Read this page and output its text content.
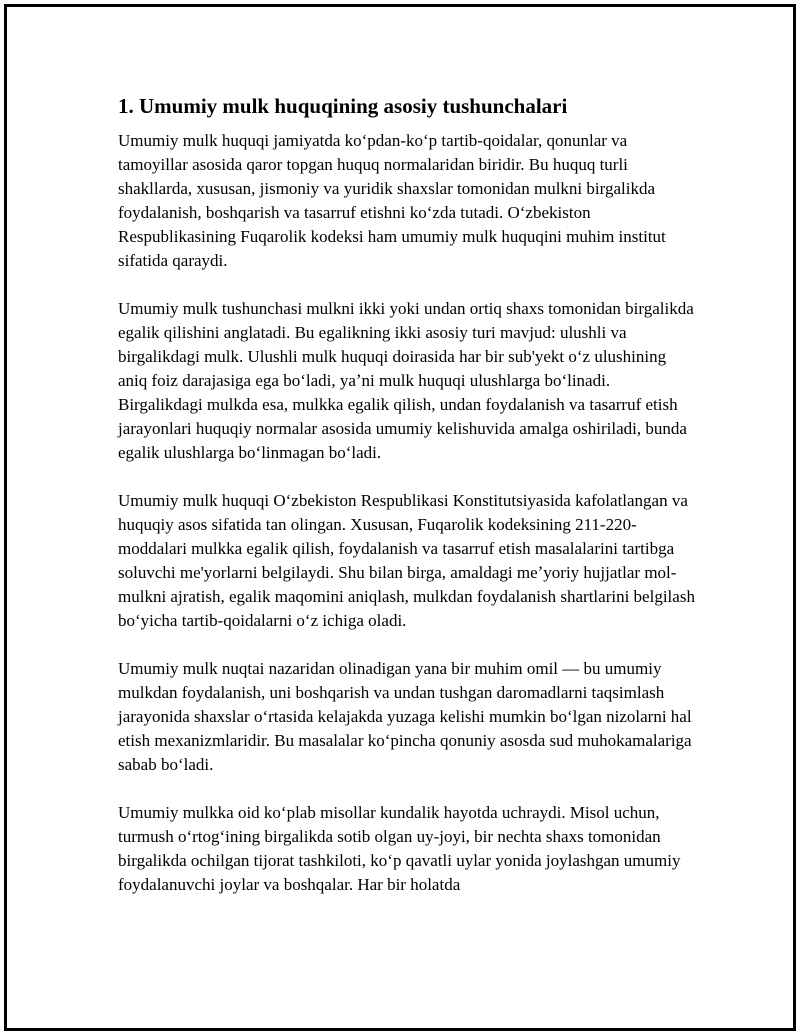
1. Umumiy mulk huquqining asosiy tushunchalari

Umumiy mulk huquqi jamiyatda koʻpdan-koʻp tartib-qoidalar, qonunlar va tamoyillar asosida qaror topgan huquq normalaridan biridir. Bu huquq turli shakllarda, xususan, jismoniy va yuridik shaxslar tomonidan mulkni birgalikda foydalanish, boshqarish va tasarruf etishni koʻzda tutadi. Oʻzbekiston Respublikasining Fuqarolik kodeksi ham umumiy mulk huquqini muhim institut sifatida qaraydi.

Umumiy mulk tushunchasi mulkni ikki yoki undan ortiq shaxs tomonidan birgalikda egalik qilishini anglatadi. Bu egalikning ikki asosiy turi mavjud: ulushli va birgalikdagi mulk. Ulushli mulk huquqi doirasida har bir sub'yekt oʻz ulushining aniq foiz darajasiga ega boʻladi, yaʼni mulk huquqi ulushlarga boʻlinadi. Birgalikdagi mulkda esa, mulkka egalik qilish, undan foydalanish va tasarruf etish jarayonlari huquqiy normalar asosida umumiy kelishuvida amalga oshiriladi, bunda egalik ulushlarga boʻlinmagan boʻladi.

Umumiy mulk huquqi Oʻzbekiston Respublikasi Konstitutsiyasida kafolatlangan va huquqiy asos sifatida tan olingan. Xususan, Fuqarolik kodeksining 211-220-moddalari mulkka egalik qilish, foydalanish va tasarruf etish masalalarini tartibga soluvchi me'yorlarni belgilaydi. Shu bilan birga, amaldagi meʼyoriy hujjatlar mol-mulkni ajratish, egalik maqomini aniqlash, mulkdan foydalanish shartlarini belgilash boʻyicha tartib-qoidalarni oʻz ichiga oladi.

Umumiy mulk nuqtai nazaridan olinadigan yana bir muhim omil — bu umumiy mulkdan foydalanish, uni boshqarish va undan tushgan daromadlarni taqsimlash jarayonida shaxslar oʻrtasida kelajakda yuzaga kelishi mumkin boʻlgan nizolarni hal etish mexanizmlaridir. Bu masalalar koʻpincha qonuniy asosda sud muhokamalariga sabab boʻladi.

Umumiy mulkka oid koʻplab misollar kundalik hayotda uchraydi. Misol uchun, turmush oʻrtogʻining birgalikda sotib olgan uy-joyi, bir nechta shaxs tomonidan birgalikda ochilgan tijorat tashkiloti, koʻp qavatli uylar yonida joylashgan umumiy foydalanuvchi joylar va boshqalar. Har bir holatda
